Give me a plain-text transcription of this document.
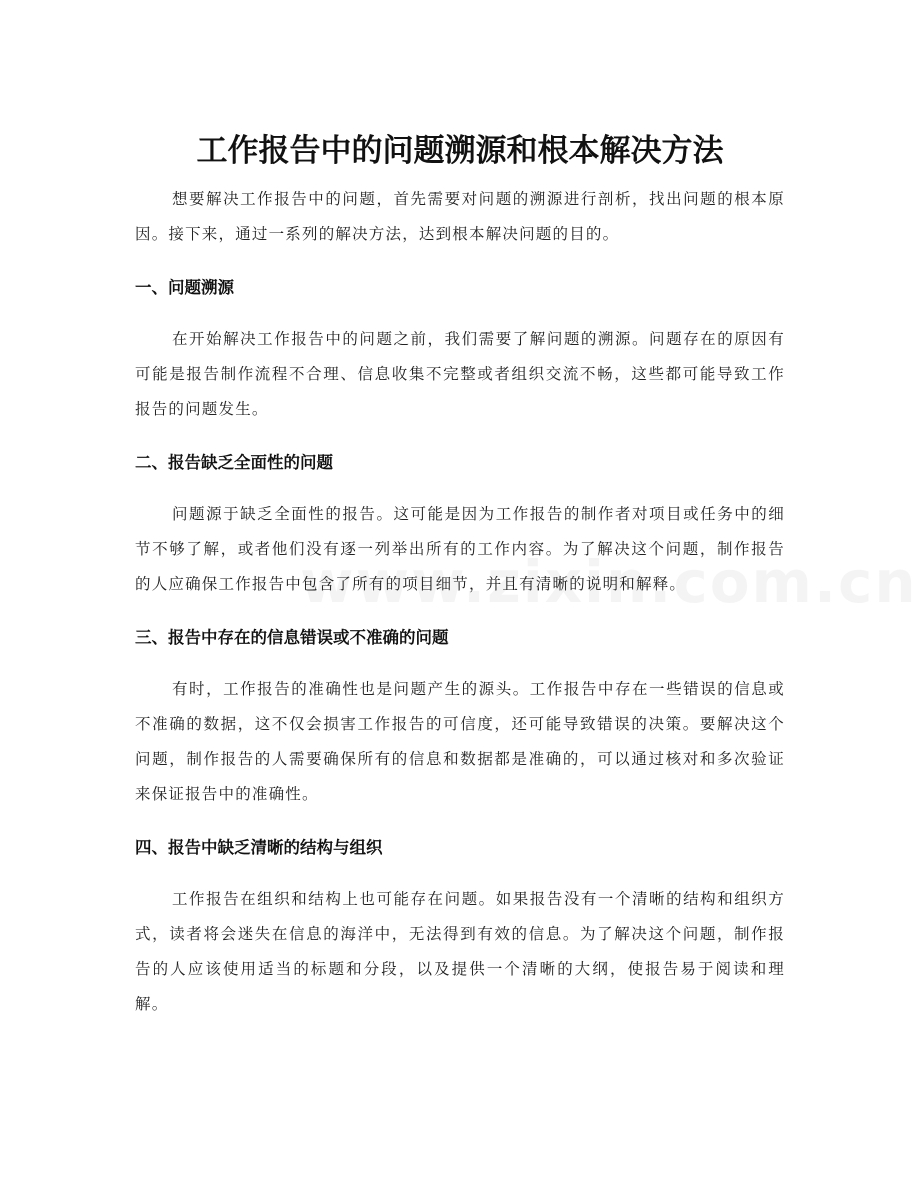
工作报告中的问题溯源和根本解决方法

想要解决工作报告中的问题，首先需要对问题的溯源进行剖析，找出问题的根本原因。接下来，通过一系列的解决方法，达到根本解决问题的目的。

一、问题溯源

在开始解决工作报告中的问题之前，我们需要了解问题的溯源。问题存在的原因有可能是报告制作流程不合理、信息收集不完整或者组织交流不畅，这些都可能导致工作报告的问题发生。

二、报告缺乏全面性的问题

问题源于缺乏全面性的报告。这可能是因为工作报告的制作者对项目或任务中的细节不够了解，或者他们没有逐一列举出所有的工作内容。为了解决这个问题，制作报告的人应确保工作报告中包含了所有的项目细节，并且有清晰的说明和解释。

三、报告中存在的信息错误或不准确的问题

有时，工作报告的准确性也是问题产生的源头。工作报告中存在一些错误的信息或不准确的数据，这不仅会损害工作报告的可信度，还可能导致错误的决策。要解决这个问题，制作报告的人需要确保所有的信息和数据都是准确的，可以通过核对和多次验证来保证报告中的准确性。

四、报告中缺乏清晰的结构与组织

工作报告在组织和结构上也可能存在问题。如果报告没有一个清晰的结构和组织方式，读者将会迷失在信息的海洋中，无法得到有效的信息。为了解决这个问题，制作报告的人应该使用适当的标题和分段，以及提供一个清晰的大纲，使报告易于阅读和理解。
